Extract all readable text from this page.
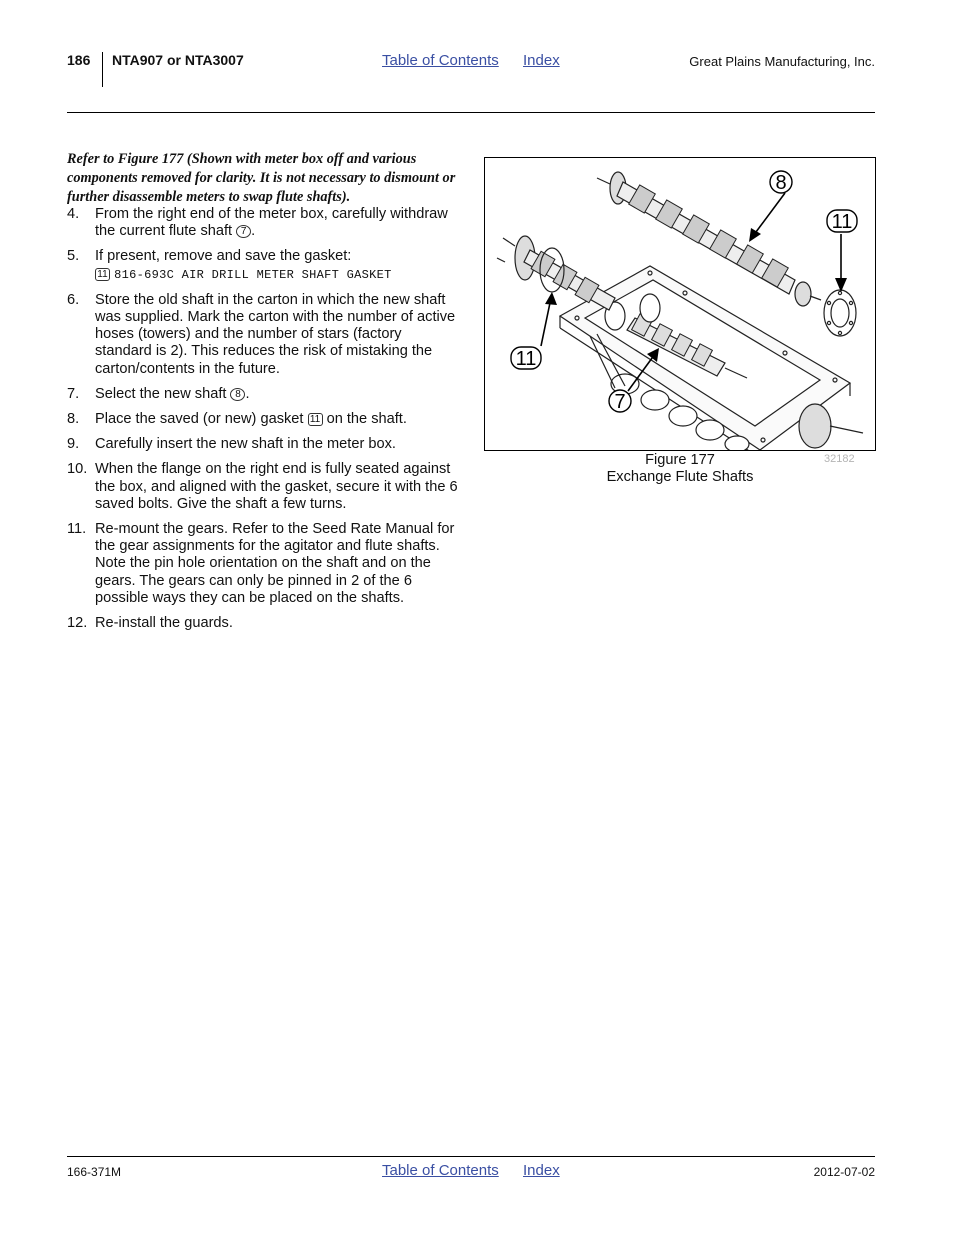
186 NTA907 or NTA3007	Table of Contents Index	Great Plains Manufacturing, Inc.
Refer to Figure 177 (Shown with meter box off and various components removed for clarity. It is not necessary to dismount or further disassemble meters to swap flute shafts).
4. From the right end of the meter box, carefully withdraw the current flute shaft 7 .
5. If present, remove and save the gasket:
11 816-693C AIR DRILL METER SHAFT GASKET
6. Store the old shaft in the carton in which the new shaft was supplied. Mark the carton with the number of active hoses (towers) and the number of stars (factory standard is 2). This reduces the risk of mistaking the carton/contents in the future.
7. Select the new shaft 8 .
8. Place the saved (or new) gasket 11 on the shaft.
9. Carefully insert the new shaft in the meter box.
10. When the flange on the right end is fully seated against the box, and aligned with the gasket, secure it with the 6 saved bolts. Give the shaft a few turns.
11. Re-mount the gears. Refer to the Seed Rate Manual for the gear assignments for the agitator and flute shafts. Note the pin hole orientation on the shaft and on the gears. The gears can only be pinned in 2 of the 6 possible ways they can be placed on the shafts.
12. Re-install the guards.
8
11
11
7
Figure 177
Exchange Flute Shafts
32182
166-371M	Table of Contents Index	2012-07-02
